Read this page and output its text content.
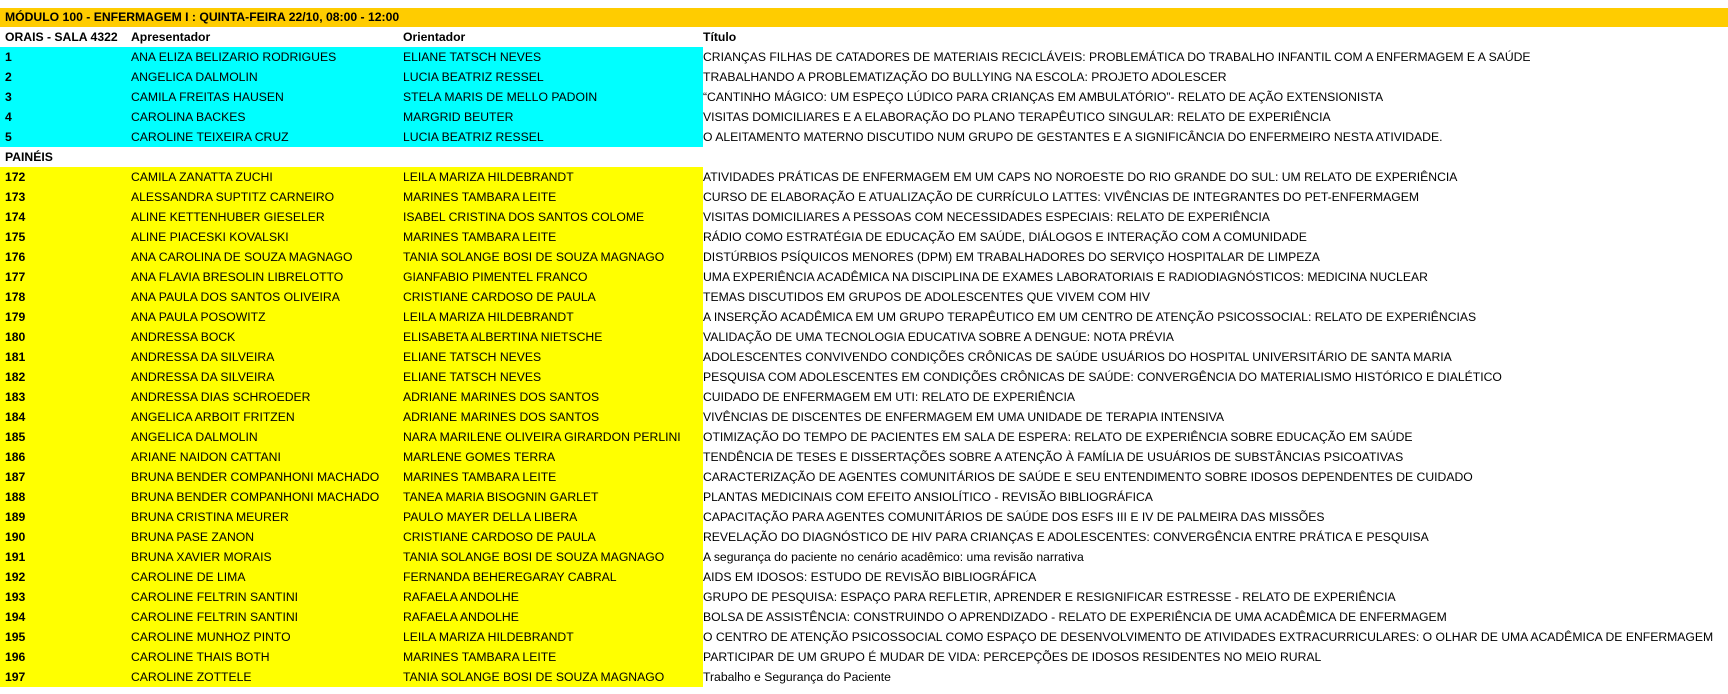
MÓDULO 100 - ENFERMAGEM I : QUINTA-FEIRA 22/10, 08:00 - 12:00
ORAIS - SALA 4322	Apresentador	Orientador	Título
1	ANA ELIZA BELIZARIO RODRIGUES	ELIANE TATSCH NEVES	CRIANÇAS FILHAS DE CATADORES DE MATERIAIS RECICLÁVEIS: PROBLEMÁTICA DO TRABALHO INFANTIL COM A ENFERMAGEM E A SAÚDE
2	ANGELICA DALMOLIN	LUCIA BEATRIZ RESSEL	TRABALHANDO A PROBLEMATIZAÇÃO DO BULLYING NA ESCOLA: PROJETO ADOLESCER
3	CAMILA FREITAS HAUSEN	STELA MARIS DE MELLO PADOIN	“CANTINHO MÁGICO: UM ESPEÇO LÚDICO PARA CRIANÇAS EM AMBULATÓRIO”- RELATO DE AÇÃO EXTENSIONISTA
4	CAROLINA BACKES	MARGRID BEUTER	VISITAS DOMICILIARES E A ELABORAÇÃO DO PLANO TERAPÊUTICO SINGULAR: RELATO DE EXPERIÊNCIA
5	CAROLINE TEIXEIRA CRUZ	LUCIA BEATRIZ RESSEL	O ALEITAMENTO MATERNO DISCUTIDO NUM GRUPO DE GESTANTES E A SIGNIFICÂNCIA DO ENFERMEIRO NESTA ATIVIDADE.
PAINÉIS
172	CAMILA ZANATTA ZUCHI	LEILA MARIZA HILDEBRANDT	ATIVIDADES PRÁTICAS DE ENFERMAGEM EM UM CAPS NO NOROESTE DO RIO GRANDE DO SUL: UM RELATO DE EXPERIÊNCIA
173	ALESSANDRA SUPTITZ CARNEIRO	MARINES TAMBARA LEITE	CURSO DE ELABORAÇÃO E ATUALIZAÇÃO DE CURRÍCULO LATTES: VIVÊNCIAS DE INTEGRANTES DO PET-ENFERMAGEM
174	ALINE KETTENHUBER GIESELER	ISABEL CRISTINA DOS SANTOS COLOME	VISITAS DOMICILIARES A PESSOAS COM NECESSIDADES ESPECIAIS: RELATO DE EXPERIÊNCIA
175	ALINE PIACESKI KOVALSKI	MARINES TAMBARA LEITE	RÁDIO COMO ESTRATÉGIA DE EDUCAÇÃO EM SAÚDE, DIÁLOGOS E INTERAÇÃO COM A COMUNIDADE
176	ANA CAROLINA DE SOUZA MAGNAGO	TANIA SOLANGE BOSI DE SOUZA MAGNAGO	DISTÚRBIOS PSÍQUICOS MENORES (DPM) EM TRABALHADORES DO SERVIÇO HOSPITALAR DE LIMPEZA
177	ANA FLAVIA BRESOLIN LIBRELOTTO	GIANFABIO PIMENTEL FRANCO	UMA EXPERIÊNCIA ACADÊMICA NA DISCIPLINA DE EXAMES LABORATORIAIS E RADIODIAGNÓSTICOS: MEDICINA NUCLEAR
178	ANA PAULA DOS SANTOS OLIVEIRA	CRISTIANE CARDOSO DE PAULA	TEMAS DISCUTIDOS EM GRUPOS DE ADOLESCENTES QUE VIVEM COM HIV
179	ANA PAULA POSOWITZ	LEILA MARIZA HILDEBRANDT	A INSERÇÃO ACADÊMICA EM UM GRUPO TERAPÊUTICO EM UM CENTRO DE ATENÇÃO PSICOSSOCIAL: RELATO DE EXPERIÊNCIAS
180	ANDRESSA BOCK	ELISABETA ALBERTINA NIETSCHE	VALIDAÇÃO DE UMA TECNOLOGIA EDUCATIVA SOBRE A DENGUE: NOTA PRÉVIA
181	ANDRESSA DA SILVEIRA	ELIANE TATSCH NEVES	ADOLESCENTES CONVIVENDO CONDIÇÕES CRÔNICAS DE SAÚDE USUÁRIOS DO HOSPITAL UNIVERSITÁRIO DE SANTA MARIA
182	ANDRESSA DA SILVEIRA	ELIANE TATSCH NEVES	PESQUISA COM ADOLESCENTES EM CONDIÇÕES CRÔNICAS DE SAÚDE: CONVERGÊNCIA DO MATERIALISMO HISTÓRICO E DIALÉTICO
183	ANDRESSA DIAS SCHROEDER	ADRIANE MARINES DOS SANTOS	CUIDADO DE ENFERMAGEM EM UTI: RELATO DE EXPERIÊNCIA
184	ANGELICA ARBOIT FRITZEN	ADRIANE MARINES DOS SANTOS	VIVÊNCIAS DE DISCENTES DE ENFERMAGEM EM UMA UNIDADE DE TERAPIA INTENSIVA
185	ANGELICA DALMOLIN	NARA MARILENE OLIVEIRA GIRARDON PERLINI	OTIMIZAÇÃO DO TEMPO DE PACIENTES EM SALA DE ESPERA: RELATO DE EXPERIÊNCIA SOBRE EDUCAÇÃO EM SAÚDE
186	ARIANE NAIDON CATTANI	MARLENE GOMES TERRA	TENDÊNCIA DE TESES E DISSERTAÇÕES SOBRE A ATENÇÃO À FAMÍLIA DE USUÁRIOS DE SUBSTÂNCIAS PSICOATIVAS
187	BRUNA BENDER COMPANHONI MACHADO	MARINES TAMBARA LEITE	CARACTERIZAÇÃO DE AGENTES COMUNITÁRIOS DE SAÚDE E SEU ENTENDIMENTO SOBRE IDOSOS DEPENDENTES DE CUIDADO
188	BRUNA BENDER COMPANHONI MACHADO	TANEA MARIA BISOGNIN GARLET	PLANTAS MEDICINAIS COM EFEITO ANSIOLÍTICO - REVISÃO BIBLIOGRÁFICA
189	BRUNA CRISTINA MEURER	PAULO MAYER DELLA LIBERA	CAPACITAÇÃO PARA AGENTES COMUNITÁRIOS DE SAÚDE DOS ESFS III E IV DE PALMEIRA DAS MISSÕES
190	BRUNA PASE ZANON	CRISTIANE CARDOSO DE PAULA	REVELAÇÃO DO DIAGNÓSTICO DE HIV PARA CRIANÇAS E ADOLESCENTES: CONVERGÊNCIA ENTRE PRÁTICA E PESQUISA
191	BRUNA XAVIER MORAIS	TANIA SOLANGE BOSI DE SOUZA MAGNAGO	A segurança do paciente no cenário acadêmico: uma revisão narrativa
192	CAROLINE DE LIMA	FERNANDA BEHEREGARAY CABRAL	AIDS EM IDOSOS: ESTUDO DE REVISÃO BIBLIOGRÁFICA
193	CAROLINE FELTRIN SANTINI	RAFAELA ANDOLHE	GRUPO DE PESQUISA: ESPAÇO PARA REFLETIR, APRENDER E RESIGNIFICAR ESTRESSE - RELATO DE EXPERIÊNCIA
194	CAROLINE FELTRIN SANTINI	RAFAELA ANDOLHE	BOLSA DE ASSISTÊNCIA: CONSTRUINDO O APRENDIZADO - RELATO DE EXPERIÊNCIA DE UMA ACADÊMICA DE ENFERMAGEM
195	CAROLINE MUNHOZ PINTO	LEILA MARIZA HILDEBRANDT	O CENTRO DE ATENÇÃO PSICOSSOCIAL COMO ESPAÇO DE DESENVOLVIMENTO DE ATIVIDADES EXTRACURRICULARES: O OLHAR DE UMA ACADÊMICA DE ENFERMAGEM
196	CAROLINE THAIS BOTH	MARINES TAMBARA LEITE	PARTICIPAR DE UM GRUPO É MUDAR DE VIDA: PERCEPÇÕES DE IDOSOS RESIDENTES NO MEIO RURAL
197	CAROLINE ZOTTELE	TANIA SOLANGE BOSI DE SOUZA MAGNAGO	Trabalho e Segurança do Paciente
